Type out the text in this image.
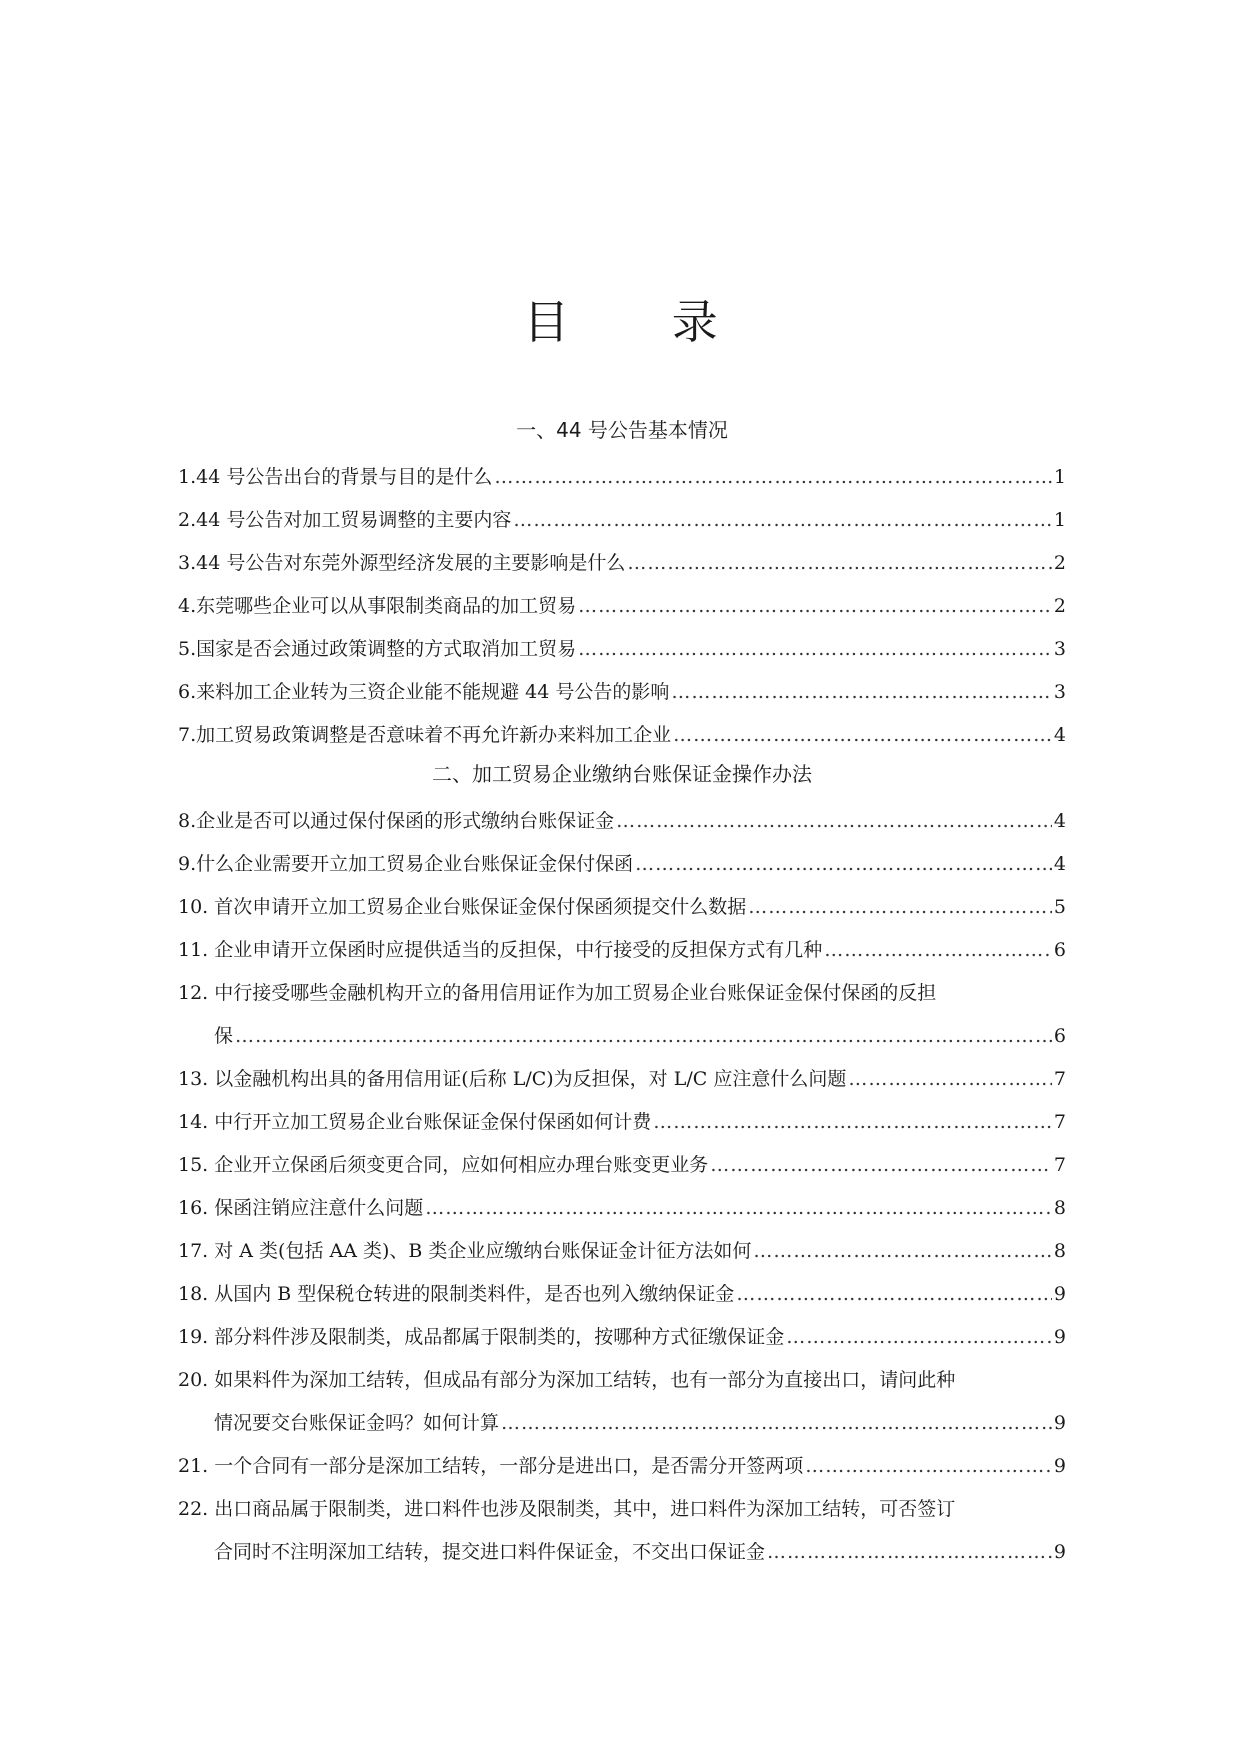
目 录
一、44 号公告基本情况
1.44 号公告出台的背景与目的是什么 …………………………………………………………………………………………………………………………………………………………………………………………………………………………………………	1
2.44 号公告对加工贸易调整的主要内容 …………………………………………………………………………………………………………………………………………………………………………………………………………………………………………	1
3.44 号公告对东莞外源型经济发展的主要影响是什么 …………………………………………………………………………………………………………………………………………………………………………………………………………………………………………	2
4.东莞哪些企业可以从事限制类商品的加工贸易 …………………………………………………………………………………………………………………………………………………………………………………………………………………………………………	2
5.国家是否会通过政策调整的方式取消加工贸易 …………………………………………………………………………………………………………………………………………………………………………………………………………………………………………	3
6.来料加工企业转为三资企业能不能规避 44 号公告的影响 …………………………………………………………………………………………………………………………………………………………………………………………………………………………………………	3
7.加工贸易政策调整是否意味着不再允许新办来料加工企业 …………………………………………………………………………………………………………………………………………………………………………………………………………………………………………	4
二、加工贸易企业缴纳台账保证金操作办法
8.企业是否可以通过保付保函的形式缴纳台账保证金 …………………………………………………………………………………………………………………………………………………………………………………………………………………………………………	4
9.什么企业需要开立加工贸易企业台账保证金保付保函 …………………………………………………………………………………………………………………………………………………………………………………………………………………………………………	4
10. 首次申请开立加工贸易企业台账保证金保付保函须提交什么数据 …………………………………………………………………………………………………………………………………………………………………………………………………………………………………………	5
11. 企业申请开立保函时应提供适当的反担保，中行接受的反担保方式有几种 …………………………………………………………………………………………………………………………………………………………………………………………………………………………………………	6
12. 中行接受哪些金融机构开立的备用信用证作为加工贸易企业台账保证金保付保函的反担
保 …………………………………………………………………………………………………………………………………………………………………………………………………………………………………………	6
13. 以金融机构出具的备用信用证(后称 L/C)为反担保，对 L/C 应注意什么问题 …………………………………………………………………………………………………………………………………………………………………………………………………………………………………………	7
14. 中行开立加工贸易企业台账保证金保付保函如何计费 …………………………………………………………………………………………………………………………………………………………………………………………………………………………………………	7
15. 企业开立保函后须变更合同，应如何相应办理台账变更业务 …………………………………………………………………………………………………………………………………………………………………………………………………………………………………………	7
16. 保函注销应注意什么问题 …………………………………………………………………………………………………………………………………………………………………………………………………………………………………………	8
17. 对 A 类(包括 AA 类)、B 类企业应缴纳台账保证金计征方法如何 …………………………………………………………………………………………………………………………………………………………………………………………………………………………………………	8
18. 从国内 B 型保税仓转进的限制类料件，是否也列入缴纳保证金 …………………………………………………………………………………………………………………………………………………………………………………………………………………………………………	9
19. 部分料件涉及限制类，成品都属于限制类的，按哪种方式征缴保证金 …………………………………………………………………………………………………………………………………………………………………………………………………………………………………………	9
20. 如果料件为深加工结转，但成品有部分为深加工结转，也有一部分为直接出口，请问此种
情况要交台账保证金吗？如何计算 …………………………………………………………………………………………………………………………………………………………………………………………………………………………………………	9
21. 一个合同有一部分是深加工结转，一部分是进出口，是否需分开签两项 …………………………………………………………………………………………………………………………………………………………………………………………………………………………………………	9
22. 出口商品属于限制类，进口料件也涉及限制类，其中，进口料件为深加工结转，可否签订
合同时不注明深加工结转，提交进口料件保证金，不交出口保证金 …………………………………………………………………………………………………………………………………………………………………………………………………………………………………………	9
